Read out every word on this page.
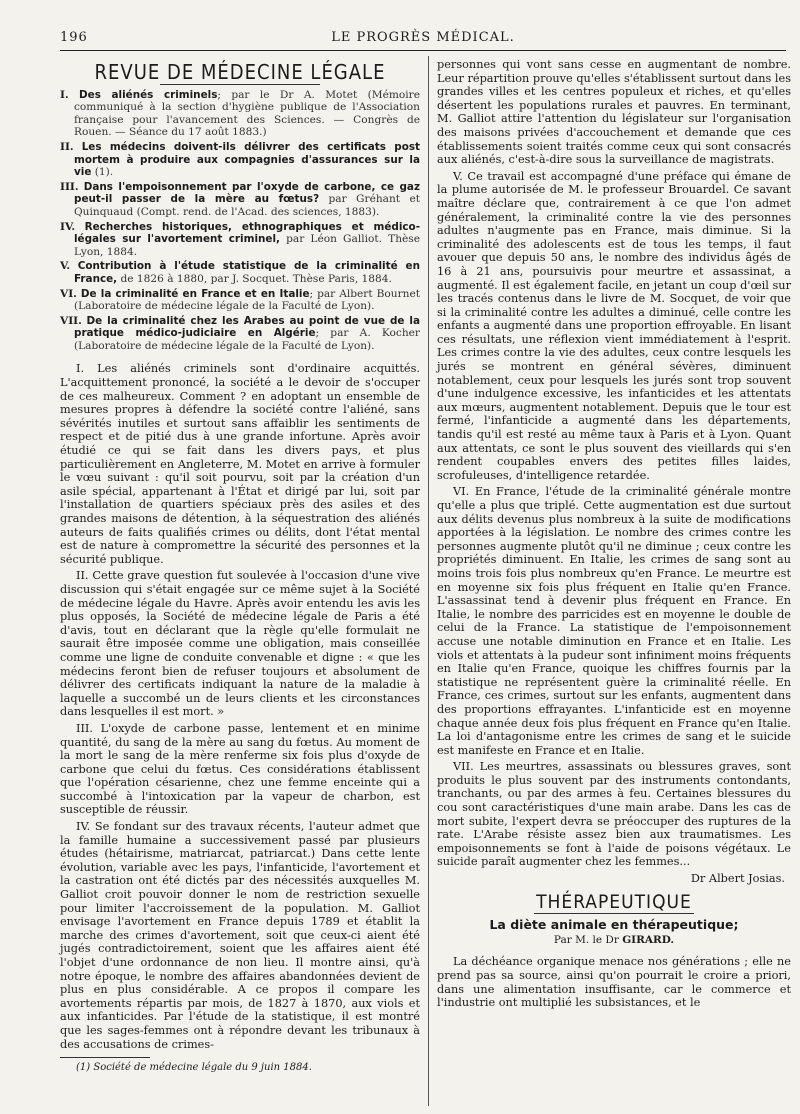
196	LE PROGRÈS MÉDICAL.
REVUE DE MÉDECINE LÉGALE
I. Des aliénés criminels; par le Dr A. Motet (Mémoire communiqué à la section d'hygiène publique de l'Association française pour l'avancement des Sciences. — Congrès de Rouen. — Séance du 17 août 1883.)
II. Les médecins doivent-ils délivrer des certificats post mortem à produire aux compagnies d'assurances sur la vie (1).
III. Dans l'empoisonnement par l'oxyde de carbone, ce gaz peut-il passer de la mère au fœtus? par Gréhant et Quinquaud (Compt. rend. de l'Acad. des sciences, 1883).
IV. Recherches historiques, ethnographiques et médico-légales sur l'avortement criminel, par Léon Galliot. Thèse Lyon, 1884.
V. Contribution à l'étude statistique de la criminalité en France, de 1826 à 1880, par J. Socquet. Thèse Paris, 1884.
VI. De la criminalité en France et en Italie; par Albert Bournet (Laboratoire de médecine légale de la Faculté de Lyon).
VII. De la criminalité chez les Arabes au point de vue de la pratique médico-judiciaire en Algérie; par A. Kocher (Laboratoire de médecine légale de la Faculté de Lyon).

I. Les aliénés criminels sont d'ordinaire acquittés. L'acquittement prononcé, la société a le devoir de s'occuper de ces malheureux. Comment ? en adoptant un ensemble de mesures propres à défendre la société contre l'aliéné, sans sévérités inutiles et surtout sans affaiblir les sentiments de respect et de pitié dus à une grande infortune. Après avoir étudié ce qui se fait dans les divers pays, et plus particulièrement en Angleterre, M. Motet en arrive à formuler le vœu suivant : qu'il soit pourvu, soit par la création d'un asile spécial, appartenant à l'État et dirigé par lui, soit par l'installation de quartiers spéciaux près des asiles et des grandes maisons de détention, à la séquestration des aliénés auteurs de faits qualifiés crimes ou délits, dont l'état mental est de nature à compromettre la sécurité des personnes et la sécurité publique.

II. Cette grave question fut soulevée à l'occasion d'une vive discussion qui s'était engagée sur ce même sujet à la Société de médecine légale du Havre. Après avoir entendu les avis les plus opposés, la Société de médecine légale de Paris a été d'avis, tout en déclarant que la règle qu'elle formulait ne saurait être imposée comme une obligation, mais conseillée comme une ligne de conduite convenable et digne : « que les médecins feront bien de refuser toujours et absolument de délivrer des certificats indiquant la nature de la maladie à laquelle a succombé un de leurs clients et les circonstances dans lesquelles il est mort. »

III. L'oxyde de carbone passe, lentement et en minime quantité, du sang de la mère au sang du fœtus. Au moment de la mort le sang de la mère renferme six fois plus d'oxyde de carbone que celui du fœtus. Ces considérations établissent que l'opération césarienne, chez une femme enceinte qui a succombé à l'intoxication par la vapeur de charbon, est susceptible de réussir.

IV. Se fondant sur des travaux récents, l'auteur admet que la famille humaine a successivement passé par plusieurs études (hétairisme, matriarcat, patriarcat.) Dans cette lente évolution, variable avec les pays, l'infanticide, l'avortement et la castration ont été dictés par des nécessités auxquelles M. Galliot croit pouvoir donner le nom de restriction sexuelle pour limiter l'accroissement de la population. M. Galliot envisage l'avortement en France depuis 1789 et établit la marche des crimes d'avortement, soit que ceux-ci aient été jugés contradictoirement, soient que les affaires aient été l'objet d'une ordonnance de non lieu. Il montre ainsi, qu'à notre époque, le nombre des affaires abandonnées devient de plus en plus considérable. A ce propos il compare les avortements répartis par mois, de 1827 à 1870, aux viols et aux infanticides. Par l'étude de la statistique, il est montré que les sages-femmes ont à répondre devant les tribunaux à des accusations de crimes-

(1) Société de médecine légale du 9 juin 1884.

personnes qui vont sans cesse en augmentant de nombre. Leur répartition prouve qu'elles s'établissent surtout dans les grandes villes et les centres populeux et riches, et qu'elles désertent les populations rurales et pauvres. En terminant, M. Galliot attire l'attention du législateur sur l'organisation des maisons privées d'accouchement et demande que ces établissements soient traités comme ceux qui sont consacrés aux aliénés, c'est-à-dire sous la surveillance de magistrats.

V. Ce travail est accompagné d'une préface qui émane de la plume autorisée de M. le professeur Brouardel. Ce savant maître déclare que, contrairement à ce que l'on admet généralement, la criminalité contre la vie des personnes adultes n'augmente pas en France, mais diminue. Si la criminalité des adolescents est de tous les temps, il faut avouer que depuis 50 ans, le nombre des individus âgés de 16 à 21 ans, poursuivis pour meurtre et assassinat, a augmenté. Il est également facile, en jetant un coup d'œil sur les tracés contenus dans le livre de M. Socquet, de voir que si la criminalité contre les adultes a diminué, celle contre les enfants a augmenté dans une proportion effroyable. En lisant ces résultats, une réflexion vient immédiatement à l'esprit. Les crimes contre la vie des adultes, ceux contre lesquels les jurés se montrent en général sévères, diminuent notablement, ceux pour lesquels les jurés sont trop souvent d'une indulgence excessive, les infanticides et les attentats aux mœurs, augmentent notablement. Depuis que le tour est fermé, l'infanticide a augmenté dans les départements, tandis qu'il est resté au même taux à Paris et à Lyon. Quant aux attentats, ce sont le plus souvent des vieillards qui s'en rendent coupables envers des petites filles laides, scrofuleuses, d'intelligence retardée.

VI. En France, l'étude de la criminalité générale montre qu'elle a plus que triplé. Cette augmentation est due surtout aux délits devenus plus nombreux à la suite de modifications apportées à la législation. Le nombre des crimes contre les personnes augmente plutôt qu'il ne diminue ; ceux contre les propriétés diminuent. En Italie, les crimes de sang sont au moins trois fois plus nombreux qu'en France. Le meurtre est en moyenne six fois plus fréquent en Italie qu'en France. L'assassinat tend à devenir plus fréquent en France. En Italie, le nombre des parricides est en moyenne le double de celui de la France. La statistique de l'empoisonnement accuse une notable diminution en France et en Italie. Les viols et attentats à la pudeur sont infiniment moins fréquents en Italie qu'en France, quoique les chiffres fournis par la statistique ne représentent guère la criminalité réelle. En France, ces crimes, surtout sur les enfants, augmentent dans des proportions effrayantes. L'infanticide est en moyenne chaque année deux fois plus fréquent en France qu'en Italie. La loi d'antagonisme entre les crimes de sang et le suicide est manifeste en France et en Italie.

VII. Les meurtres, assassinats ou blessures graves, sont produits le plus souvent par des instruments contondants, tranchants, ou par des armes à feu. Certaines blessures du cou sont caractéristiques d'une main arabe. Dans les cas de mort subite, l'expert devra se préoccuper des ruptures de la rate. L'Arabe résiste assez bien aux traumatismes. Les empoisonnements se font à l'aide de poisons végétaux. Le suicide paraît augmenter chez les femmes...

Dr Albert Josias.

THÉRAPEUTIQUE
La diète animale en thérapeutique;
Par M. le Dr GIRARD.

La déchéance organique menace nos générations ; elle ne prend pas sa source, ainsi qu'on pourrait le croire a priori, dans une alimentation insuffisante, car le commerce et l'industrie ont multiplié les subsistances, et le
